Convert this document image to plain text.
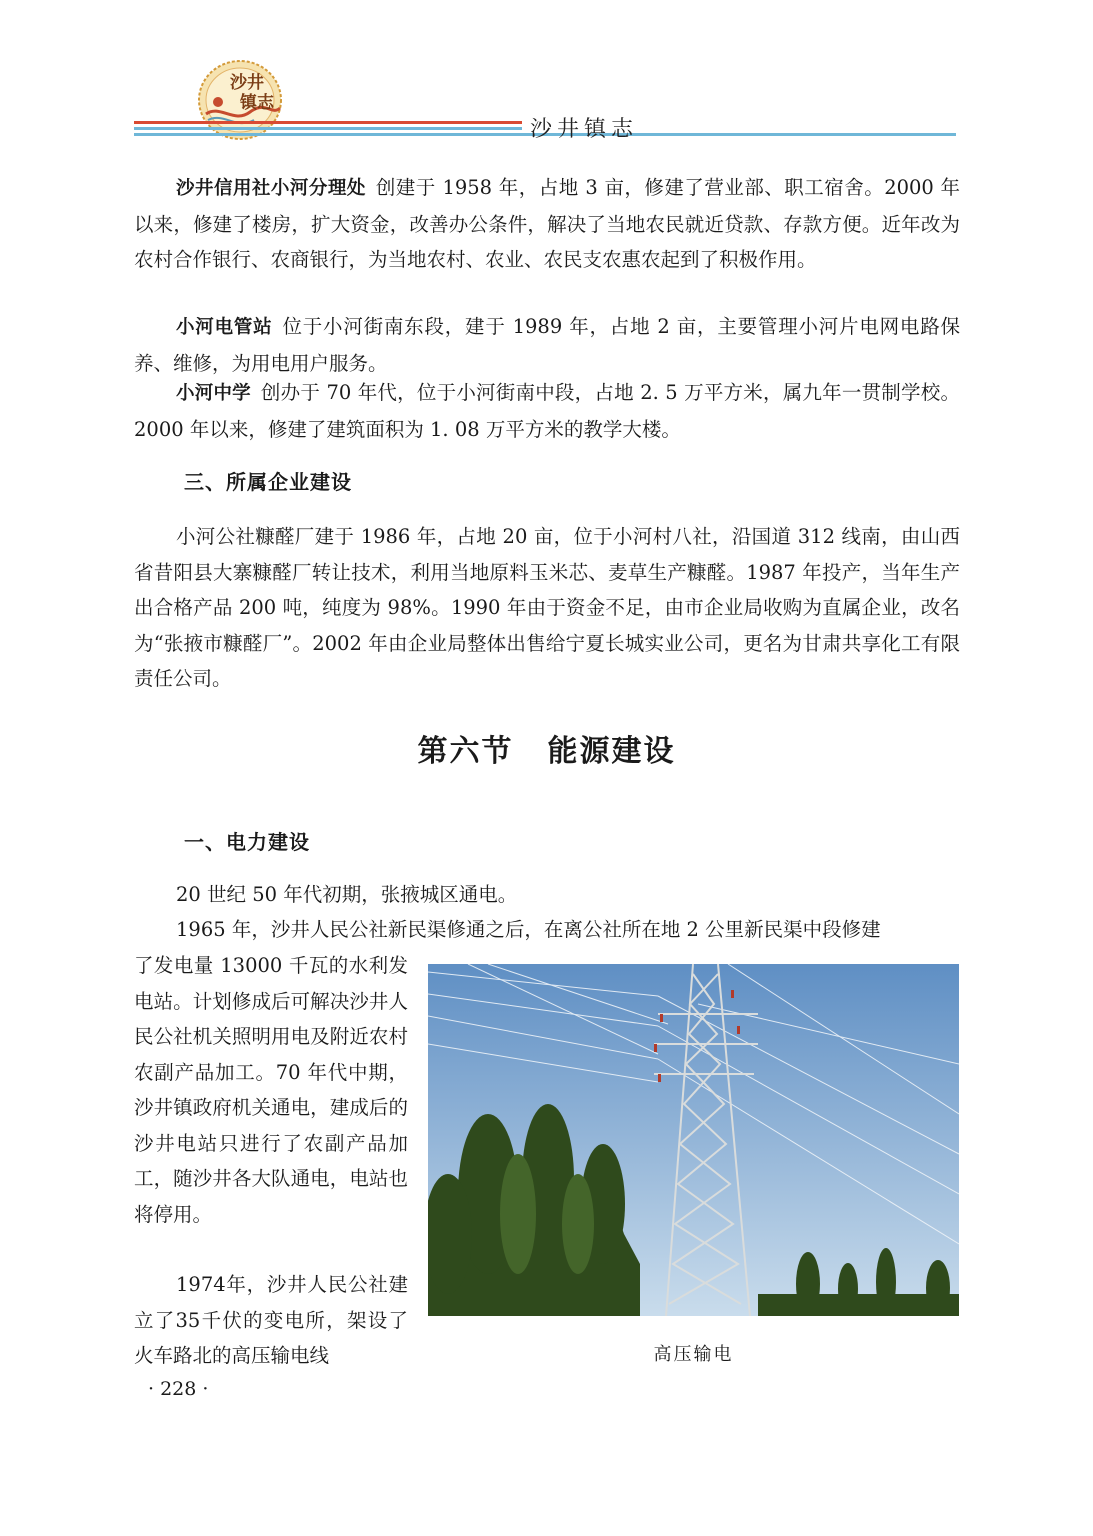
沙井
镇志
沙井镇志

沙井信用社小河分理处 创建于 1958 年，占地 3 亩，修建了营业部、职工宿舍。2000 年以来，修建了楼房，扩大资金，改善办公条件，解决了当地农民就近贷款、存款方便。近年改为农村合作银行、农商银行，为当地农村、农业、农民支农惠农起到了积极作用。

小河电管站 位于小河街南东段，建于 1989 年，占地 2 亩，主要管理小河片电网电路保养、维修，为用电用户服务。

小河中学 创办于 70 年代，位于小河街南中段，占地 2. 5 万平方米，属九年一贯制学校。2000 年以来，修建了建筑面积为 1. 08 万平方米的教学大楼。

三、所属企业建设

小河公社糠醛厂建于 1986 年，占地 20 亩，位于小河村八社，沿国道 312 线南，由山西省昔阳县大寨糠醛厂转让技术，利用当地原料玉米芯、麦草生产糠醛。1987 年投产，当年生产出合格产品 200 吨，纯度为 98%。1990 年由于资金不足，由市企业局收购为直属企业，改名为“张掖市糠醛厂”。2002 年由企业局整体出售给宁夏长城实业公司，更名为甘肃共享化工有限责任公司。

第六节 能源建设
一、电力建设

20 世纪 50 年代初期，张掖城区通电。

1965 年，沙井人民公社新民渠修通之后，在离公社所在地 2 公里新民渠中段修建

了发电量 13000 千瓦的水利发电站。计划修成后可解决沙井人民公社机关照明用电及附近农村农副产品加工。70 年代中期，沙井镇政府机关通电，建成后的沙井电站只进行了农副产品加工，随沙井各大队通电，电站也将停用。

1974年，沙井人民公社建立了35千伏的变电所，架设了火车路北的高压输电线	高压输电
· 228 ·
